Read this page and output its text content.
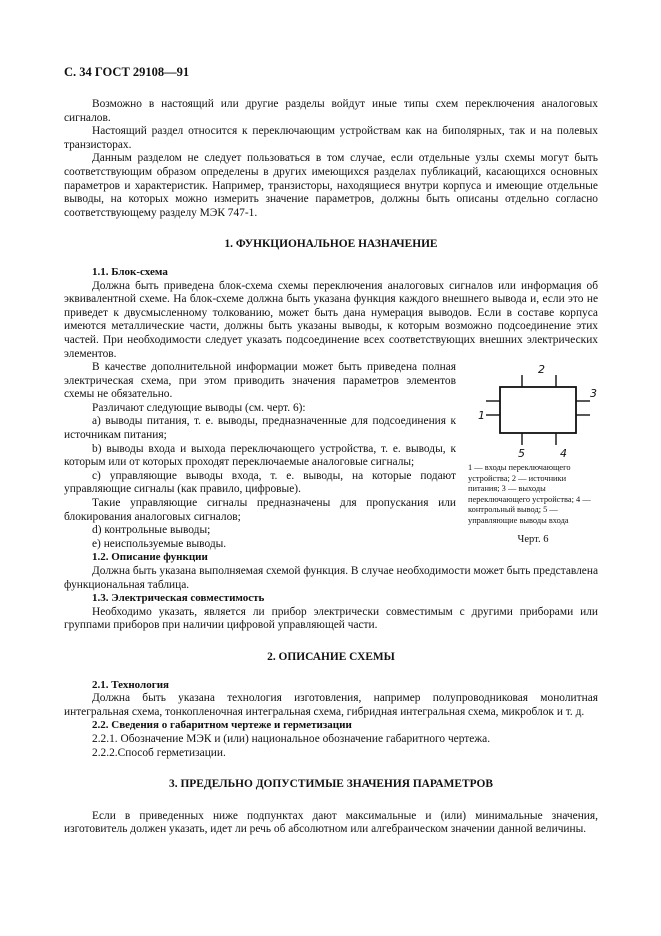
С. 34 ГОСТ 29108—91

Возможно в настоящий или другие разделы войдут иные типы схем переключения аналоговых сигналов.

Настоящий раздел относится к переключающим устройствам как на биполярных, так и на полевых транзисторах.

Данным разделом не следует пользоваться в том случае, если отдельные узлы схемы могут быть соответствующим образом определены в других имеющихся разделах публикаций, касающихся основных параметров и характеристик. Например, транзисторы, находящиеся внутри корпуса и имеющие отдельные выводы, на которых можно измерить значение параметров, должны быть описаны отдельно согласно соответствующему разделу МЭК 747-1.

1. ФУНКЦИОНАЛЬНОЕ НАЗНАЧЕНИЕ
1.1. Блок-схема

Должна быть приведена блок-схема схемы переключения аналоговых сигналов или информация об эквивалентной схеме. На блок-схеме должна быть указана функция каждого внешнего вывода и, если это не приведет к двусмысленному толкованию, может быть дана нумерация выводов. Если в составе корпуса имеются металлические части, должны быть указаны выводы, к которым возможно подсоединение этих частей. При необходимости следует указать подсоединение всех соответствующих внешних электрических элементов.

1
2
3
4
5
1 — входы переключающего устройства; 2 — источники питания; 3 — выходы переключающего устройства; 4 — контрольный вывод; 5 — управляющие выводы входа
Черт. 6

В качестве дополнительной информации может быть приведена полная электрическая схема, при этом приводить значения параметров элементов схемы не обязательно.

Различают следующие выводы (см. черт. 6):

а) выводы питания, т. е. выводы, предназначенные для подсоединения к источникам питания;

b) выводы входа и выхода переключающего устройства, т. е. выводы, к которым или от которых проходят переключаемые аналоговые сигналы;

c) управляющие выводы входа, т. е. выводы, на которые подают управляющие сигналы (как правило, цифровые).

Такие управляющие сигналы предназначены для пропускания или блокирования аналоговых сигналов;

d) контрольные выводы;

e) неиспользуемые выводы.

1.2. Описание функции

Должна быть указана выполняемая схемой функция. В случае необходимости может быть представлена функциональная таблица.

1.3. Электрическая совместимость

Необходимо указать, является ли прибор электрически совместимым с другими приборами или группами приборов при наличии цифровой управляющей части.

2. ОПИСАНИЕ СХЕМЫ
2.1. Технология

Должна быть указана технология изготовления, например полупроводниковая монолитная интегральная схема, тонкопленочная интегральная схема, гибридная интегральная схема, микроблок и т. д.

2.2. Сведения о габаритном чертеже и герметизации

2.2.1. Обозначение МЭК и (или) национальное обозначение габаритного чертежа.

2.2.2.Способ герметизации.

3. ПРЕДЕЛЬНО ДОПУСТИМЫЕ ЗНАЧЕНИЯ ПАРАМЕТРОВ

Если в приведенных ниже подпунктах дают максимальные и (или) минимальные значения, изготовитель должен указать, идет ли речь об абсолютном или алгебраическом значении данной величины.
